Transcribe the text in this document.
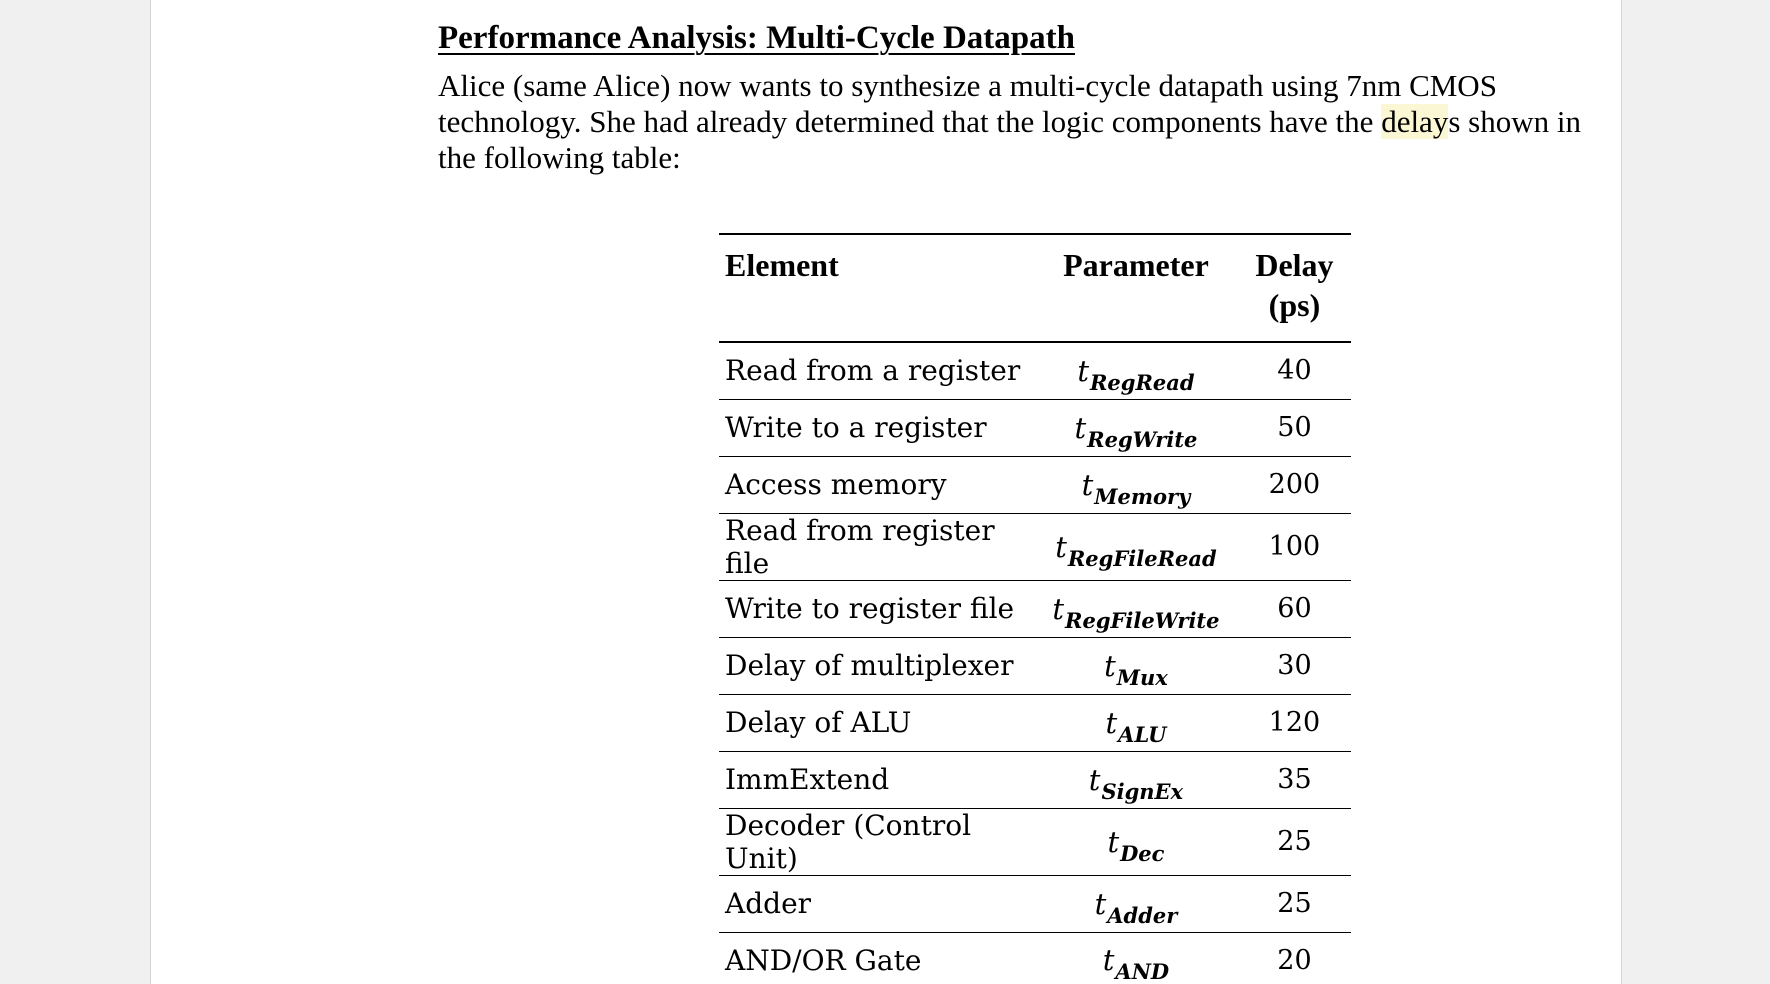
Performance Analysis: Multi-Cycle Datapath

Alice (same Alice) now wants to synthesize a multi-cycle datapath using 7nm CMOS technology. She had already determined that the logic components have the delays shown in the following table:

Element	Parameter	Delay (ps)
Read from a register	$t_{RegRead}$	40
Write to a register	$t_{RegWrite}$	50
Access memory	$t_{Memory}$	200
Read from register file	$t_{RegFileRead}$	100
Write to register file	$t_{RegFileWrite}$	60
Delay of multiplexer	$t_{Mux}$	30
Delay of ALU	$t_{ALU}$	120
ImmExtend	$t_{SignEx}$	35
Decoder (Control Unit)	$t_{Dec}$	25
Adder	$t_{Adder}$	25
AND/OR Gate	$t_{AND}$	20
